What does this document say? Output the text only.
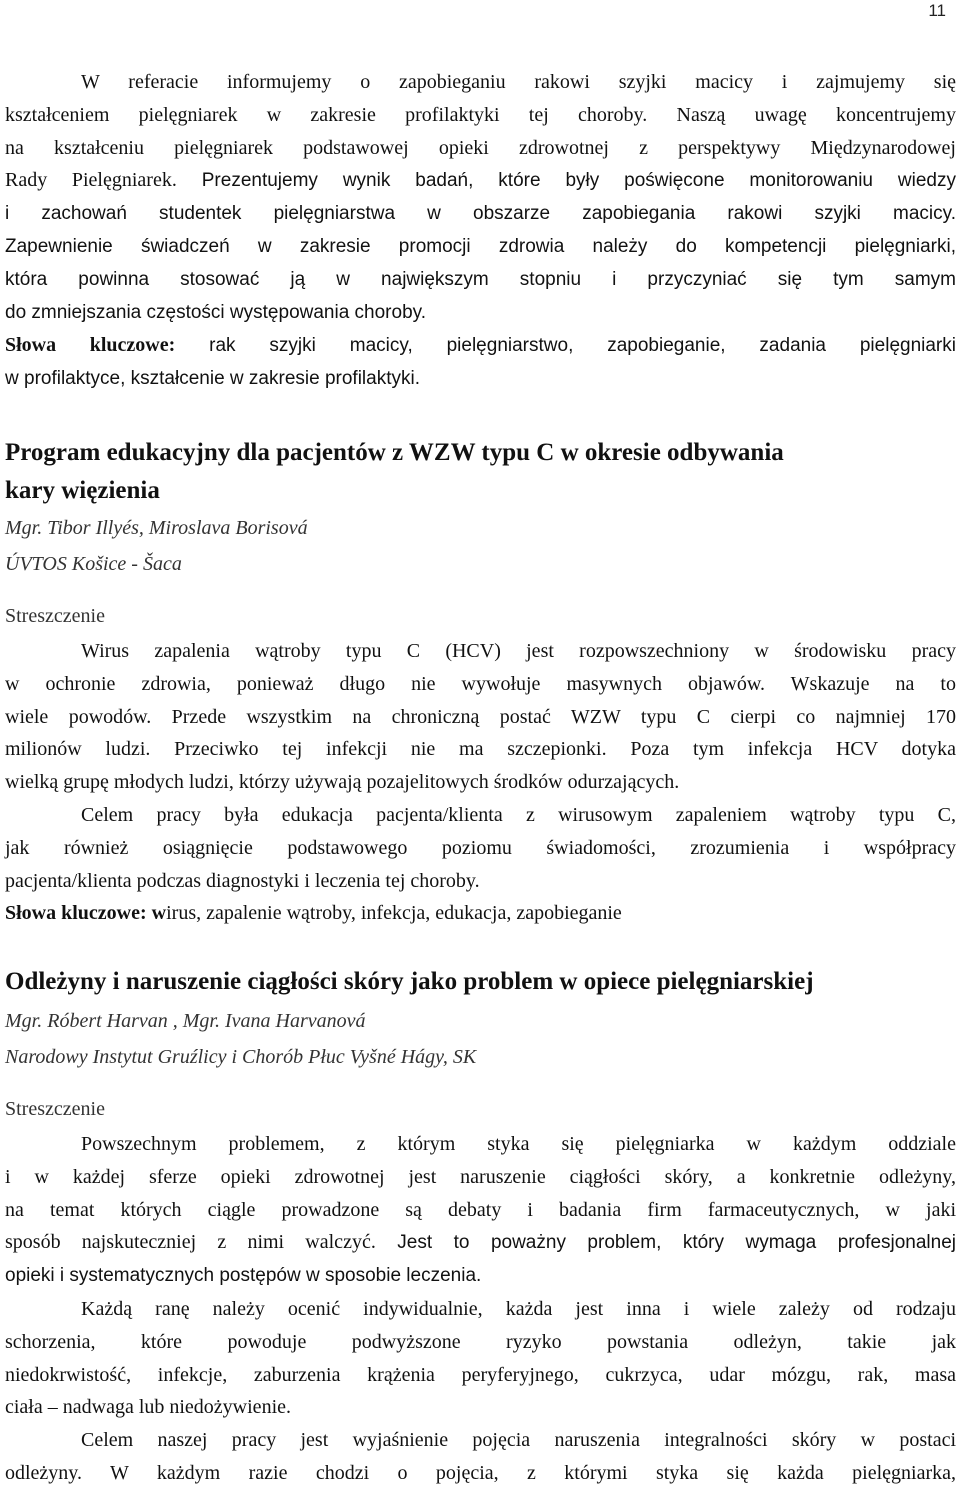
11

W referacie informujemy o zapobieganiu rakowi szyjki macicy i zajmujemy się

kształceniem pielęgniarek w zakresie profilaktyki tej choroby. Naszą uwagę koncentrujemy

na kształceniu pielęgniarek podstawowej opieki zdrowotnej z perspektywy Międzynarodowej

Rady Pielęgniarek. Prezentujemy wynik badań, które były poświęcone monitorowaniu wiedzy

i zachowań studentek pielęgniarstwa w obszarze zapobiegania rakowi szyjki macicy.

Zapewnienie świadczeń w zakresie promocji zdrowia należy do kompetencji pielęgniarki,

która powinna stosować ją w największym stopniu i przyczyniać się tym samym

do zmniejszania częstości występowania choroby.

Słowa kluczowe: rak szyjki macicy, pielęgniarstwo, zapobieganie, zadania pielęgniarki

w profilaktyce, kształcenie w zakresie profilaktyki.

Program edukacyjny dla pacjentów z WZW typu C w okresie odbywania
kary więzienia
Mgr. Tibor Illyés, Miroslava Borisová
ÚVTOS Košice - Šaca
Streszczenie

Wirus zapalenia wątroby typu C (HCV) jest rozpowszechniony w środowisku pracy

w ochronie zdrowia, ponieważ długo nie wywołuje masywnych objawów. Wskazuje na to

wiele powodów. Przede wszystkim na chroniczną postać WZW typu C cierpi co najmniej 170

milionów ludzi. Przeciwko tej infekcji nie ma szczepionki. Poza tym infekcja HCV dotyka

wielką grupę młodych ludzi, którzy używają pozajelitowych środków odurzających.

Celem pracy była edukacja pacjenta/klienta z wirusowym zapaleniem wątroby typu C,

jak również osiągnięcie podstawowego poziomu świadomości, zrozumienia i współpracy

pacjenta/klienta podczas diagnostyki i leczenia tej choroby.

Słowa kluczowe: wirus, zapalenie wątroby, infekcja, edukacja, zapobieganie

Odleżyny i naruszenie ciągłości skóry jako problem w opiece pielęgniarskiej
Mgr. Róbert Harvan , Mgr. Ivana Harvanová
Narodowy Instytut Gruźlicy i Chorób Płuc Vyšné Hágy, SK
Streszczenie

Powszechnym problemem, z którym styka się pielęgniarka w każdym oddziale

i w każdej sferze opieki zdrowotnej jest naruszenie ciągłości skóry, a konkretnie odleżyny,

na temat których ciągle prowadzone są debaty i badania firm farmaceutycznych, w jaki

sposób najskuteczniej z nimi walczyć. Jest to poważny problem, który wymaga profesjonalnej

opieki i systematycznych postępów w sposobie leczenia.

Każdą ranę należy ocenić indywidualnie, każda jest inna i wiele zależy od rodzaju

schorzenia, które powoduje podwyższone ryzyko powstania odleżyn, takie jak

niedokrwistość, infekcje, zaburzenia krążenia peryferyjnego, cukrzyca, udar mózgu, rak, masa

ciała – nadwaga lub niedożywienie.

Celem naszej pracy jest wyjaśnienie pojęcia naruszenia integralności skóry w postaci

odleżyny. W każdym razie chodzi o pojęcia, z którymi styka się każda pielęgniarka,
